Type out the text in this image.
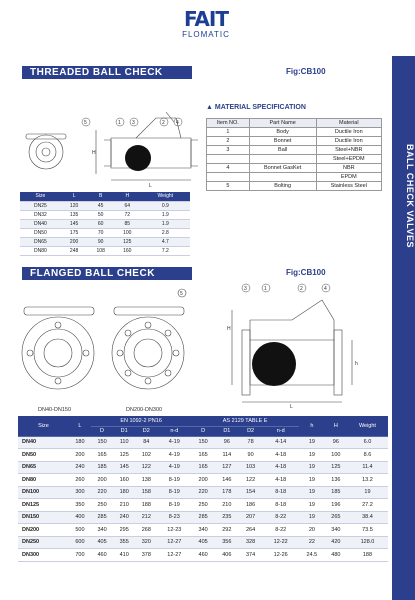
FAIT
FLOMATIC
BALL CHECK VALVES
THREADED BALL CHECK VALVE
Fig:CB100
5	1 3	2 4
H
L
▲ MATERIAL SPECIFICATION
Item NO.	Part Name	Material
1	Body	Ductile Iron
2	Bonnet	Ductile Iron
3	Ball	Steel+NBR
		Steel+EPDM
4	Bonnet GasKet	NBR
		EPDM
5	Bolting	Stainless Steel
Size	L	B	H	Weight
DN25	120	45	64	0.9
DN32	135	50	72	1.9
DN40	145	60	85	1.9
DN50	175	70	100	2.8
DN65	200	90	125	4.7
DN80	248	108	160	7.2
FLANGED BALL CHECK VALVE
Fig:CB100
5
DN40-DN150	DN200-DN300
3	1	2	4
H
h
L
Size	L	EN 1092-2 PN16				AS 2129 TABLE E				h	H	Weight
		D	D1	D2	n-d	D	D1	D2	n-d			
DN40	180	150	110	84	4-19	150	96	78	4-14	19	96	6.0
DN50	200	165	125	102	4-19	165	114	90	4-18	19	100	8.6
DN65	240	185	145	122	4-19	165	127	103	4-18	19	125	11.4
DN80	260	200	160	138	8-19	200	146	122	4-18	19	136	13.2
DN100	300	220	180	158	8-19	220	178	154	8-18	19	185	19
DN125	350	250	210	188	8-19	250	210	186	8-18	19	196	27.2
DN150	400	285	240	212	8-23	285	235	207	8-22	19	265	38.4
DN200	500	340	295	268	12-23	340	292	264	8-22	20	340	73.5
DN250	600	405	355	320	12-27	405	356	328	12-22	22	420	128.0
DN300	700	460	410	378	12-27	460	406	374	12-26	24.5	480	188
